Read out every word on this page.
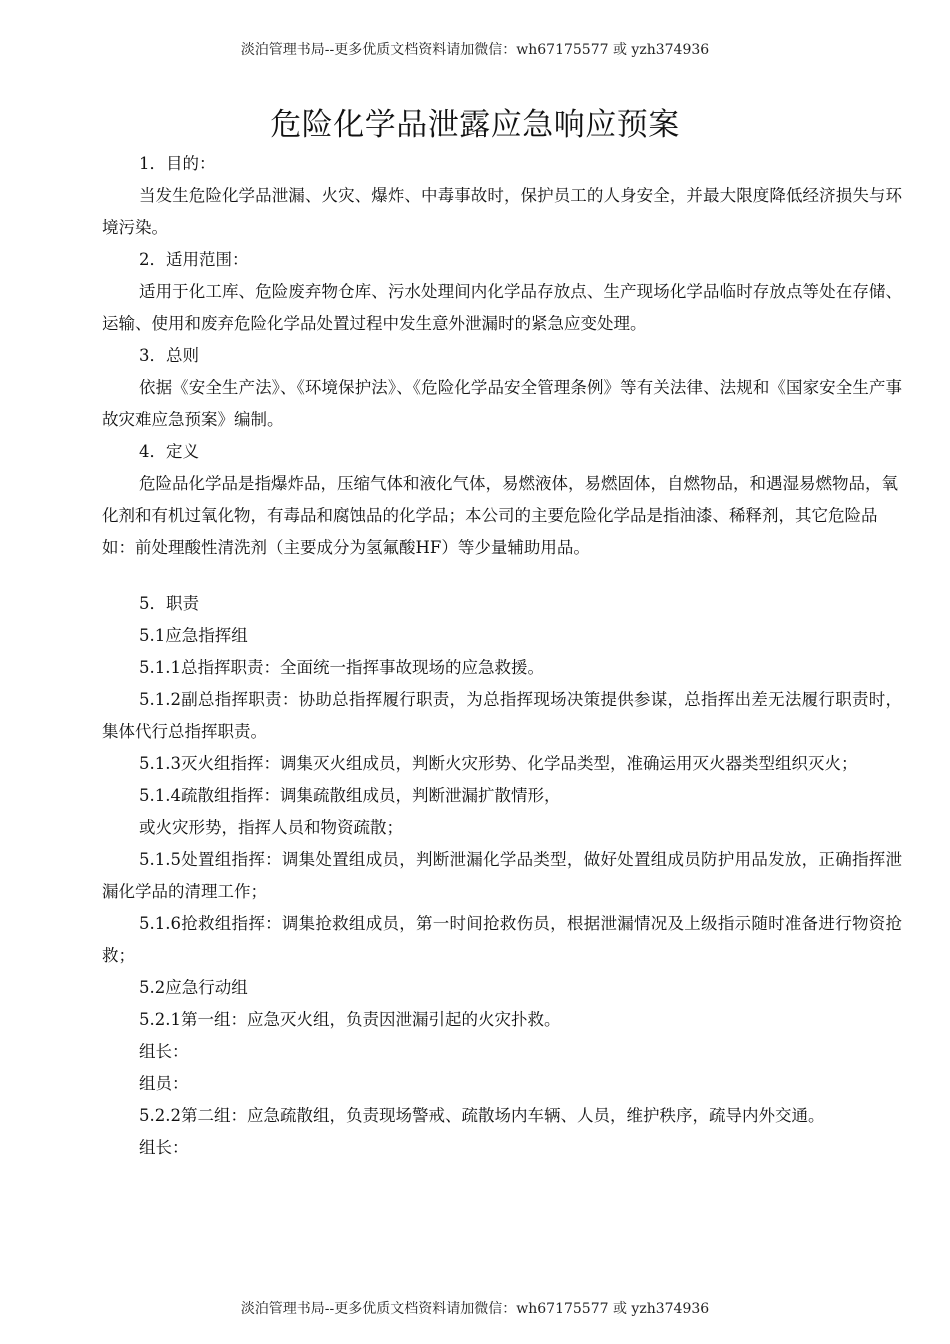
淡泊管理书局--更多优质文档资料请加微信：wh67175577 或 yzh374936
危险化学品泄露应急响应预案

1．目的：

当发生危险化学品泄漏、火灾、爆炸、中毒事故时，保护员工的人身安全，并最大限度降低经济损失与环境污染。

2．适用范围：

适用于化工库、危险废弃物仓库、污水处理间内化学品存放点、生产现场化学品临时存放点等处在存储、运输、使用和废弃危险化学品处置过程中发生意外泄漏时的紧急应变处理。

3．总则

依据《安全生产法》、《环境保护法》、《危险化学品安全管理条例》等有关法律、法规和《国家安全生产事故灾难应急预案》编制。

4．定义

危险品化学品是指爆炸品，压缩气体和液化气体，易燃液体，易燃固体，自燃物品，和遇湿易燃物品，氧化剂和有机过氧化物，有毒品和腐蚀品的化学品；本公司的主要危险化学品是指油漆、稀释剂，其它危险品如：前处理酸性清洗剂（主要成分为氢氟酸HF）等少量辅助用品。

5．职责

5.1应急指挥组

5.1.1总指挥职责：全面统一指挥事故现场的应急救援。

5.1.2副总指挥职责：协助总指挥履行职责，为总指挥现场决策提供参谋，总指挥出差无法履行职责时，集体代行总指挥职责。

5.1.3灭火组指挥：调集灭火组成员，判断火灾形势、化学品类型，准确运用灭火器类型组织灭火；

5.1.4疏散组指挥：调集疏散组成员，判断泄漏扩散情形，

或火灾形势，指挥人员和物资疏散；

5.1.5处置组指挥：调集处置组成员，判断泄漏化学品类型，做好处置组成员防护用品发放，正确指挥泄漏化学品的清理工作；

5.1.6抢救组指挥：调集抢救组成员，第一时间抢救伤员，根据泄漏情况及上级指示随时准备进行物资抢救；

5.2应急行动组

5.2.1第一组：应急灭火组，负责因泄漏引起的火灾扑救。

组长：

组员：

5.2.2第二组：应急疏散组，负责现场警戒、疏散场内车辆、人员，维护秩序，疏导内外交通。

组长：

淡泊管理书局--更多优质文档资料请加微信：wh67175577 或 yzh374936
